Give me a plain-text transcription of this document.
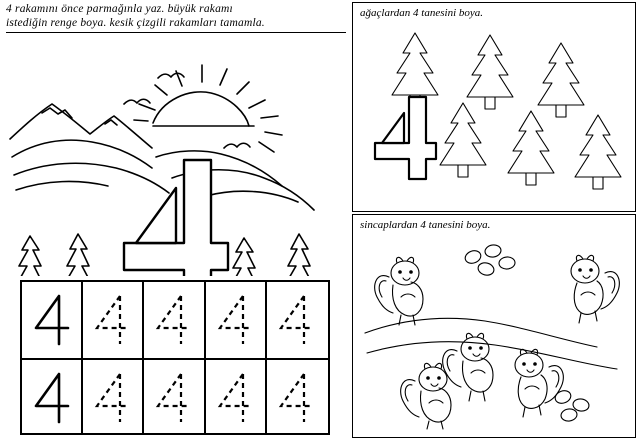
4 rakamını önce parmağınla yaz. büyük rakamı
istediğin renge boya. kesik çizgili rakamları tamamla.
ağaçlardan 4 tanesini boya.
sincaplardan 4 tanesini boya.
